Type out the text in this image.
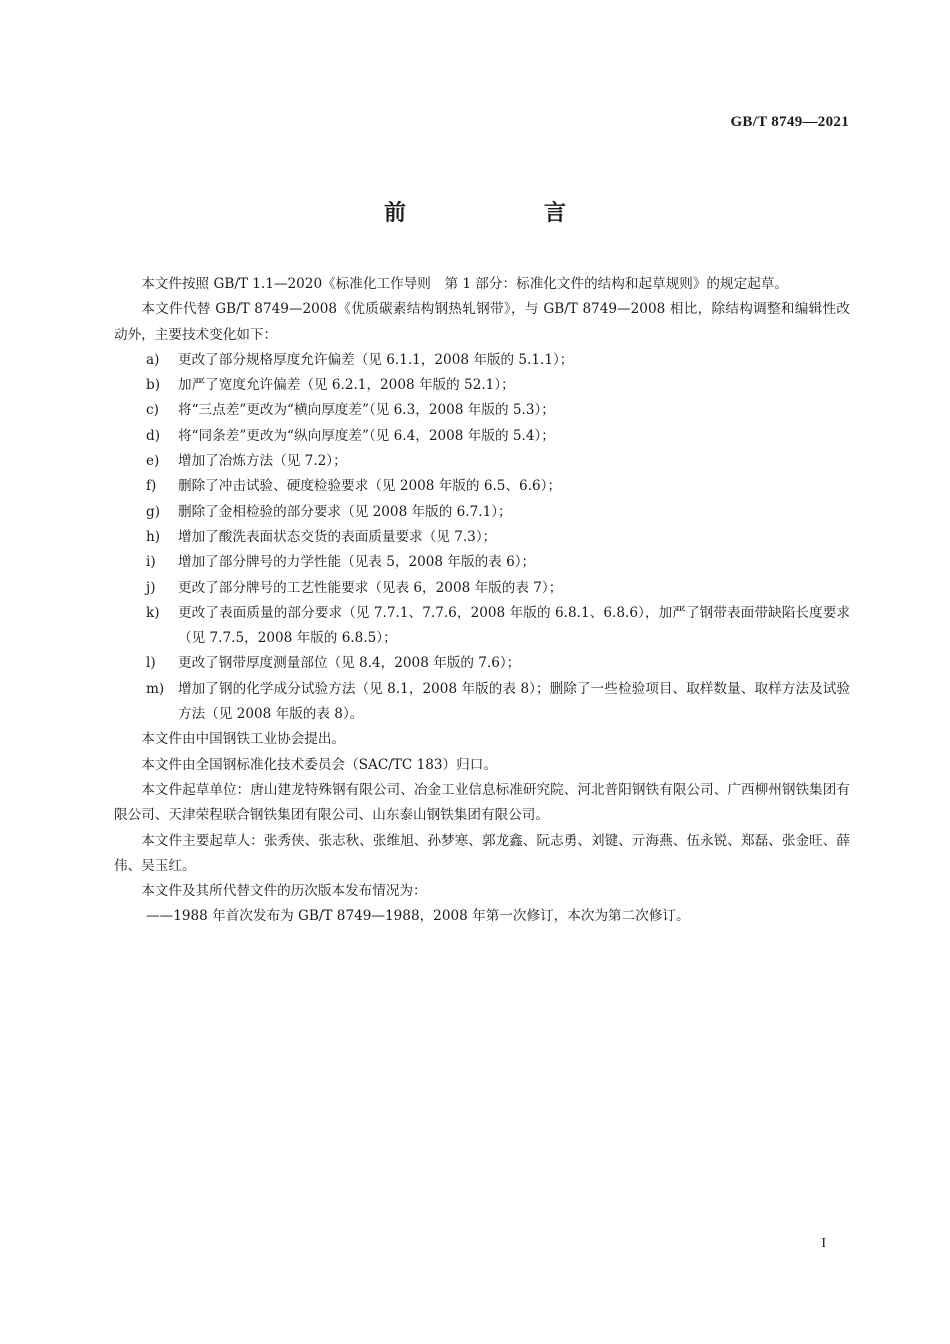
GB/T 8749—2021
前　言

本文件按照 GB/T 1.1—2020《标准化工作导则　第 1 部分：标准化文件的结构和起草规则》的规定起草。

本文件代替 GB/T 8749—2008《优质碳素结构钢热轧钢带》，与 GB/T 8749—2008 相比，除结构调整和编辑性改动外，主要技术变化如下：

a) 更改了部分规格厚度允许偏差（见 6.1.1，2008 年版的 5.1.1）；

b) 加严了宽度允许偏差（见 6.2.1，2008 年版的 52.1）；

c) 将“三点差”更改为“横向厚度差”（见 6.3，2008 年版的 5.3）；

d) 将“同条差”更改为“纵向厚度差”（见 6.4，2008 年版的 5.4）；

e) 增加了冶炼方法（见 7.2）；

f) 删除了冲击试验、硬度检验要求（见 2008 年版的 6.5、6.6）；

g) 删除了金相检验的部分要求（见 2008 年版的 6.7.1）；

h) 增加了酸洗表面状态交货的表面质量要求（见 7.3）；

i) 增加了部分牌号的力学性能（见表 5，2008 年版的表 6）；

j) 更改了部分牌号的工艺性能要求（见表 6，2008 年版的表 7）；

k) 更改了表面质量的部分要求（见 7.7.1、7.7.6，2008 年版的 6.8.1、6.8.6），加严了钢带表面带缺陷长度要求（见 7.7.5，2008 年版的 6.8.5）；

l) 更改了钢带厚度测量部位（见 8.4，2008 年版的 7.6）；

m) 增加了钢的化学成分试验方法（见 8.1，2008 年版的表 8）；删除了一些检验项目、取样数量、取样方法及试验方法（见 2008 年版的表 8）。

本文件由中国钢铁工业协会提出。

本文件由全国钢标准化技术委员会（SAC/TC 183）归口。

本文件起草单位：唐山建龙特殊钢有限公司、冶金工业信息标准研究院、河北普阳钢铁有限公司、广西柳州钢铁集团有限公司、天津荣程联合钢铁集团有限公司、山东泰山钢铁集团有限公司。

本文件主要起草人：张秀侠、张志秋、张维旭、孙梦寒、郭龙鑫、阮志勇、刘键、亓海燕、伍永锐、郑磊、张金旺、薛伟、吴玉红。

本文件及其所代替文件的历次版本发布情况为：

——1988 年首次发布为 GB/T 8749—1988，2008 年第一次修订，本次为第二次修订。

I
